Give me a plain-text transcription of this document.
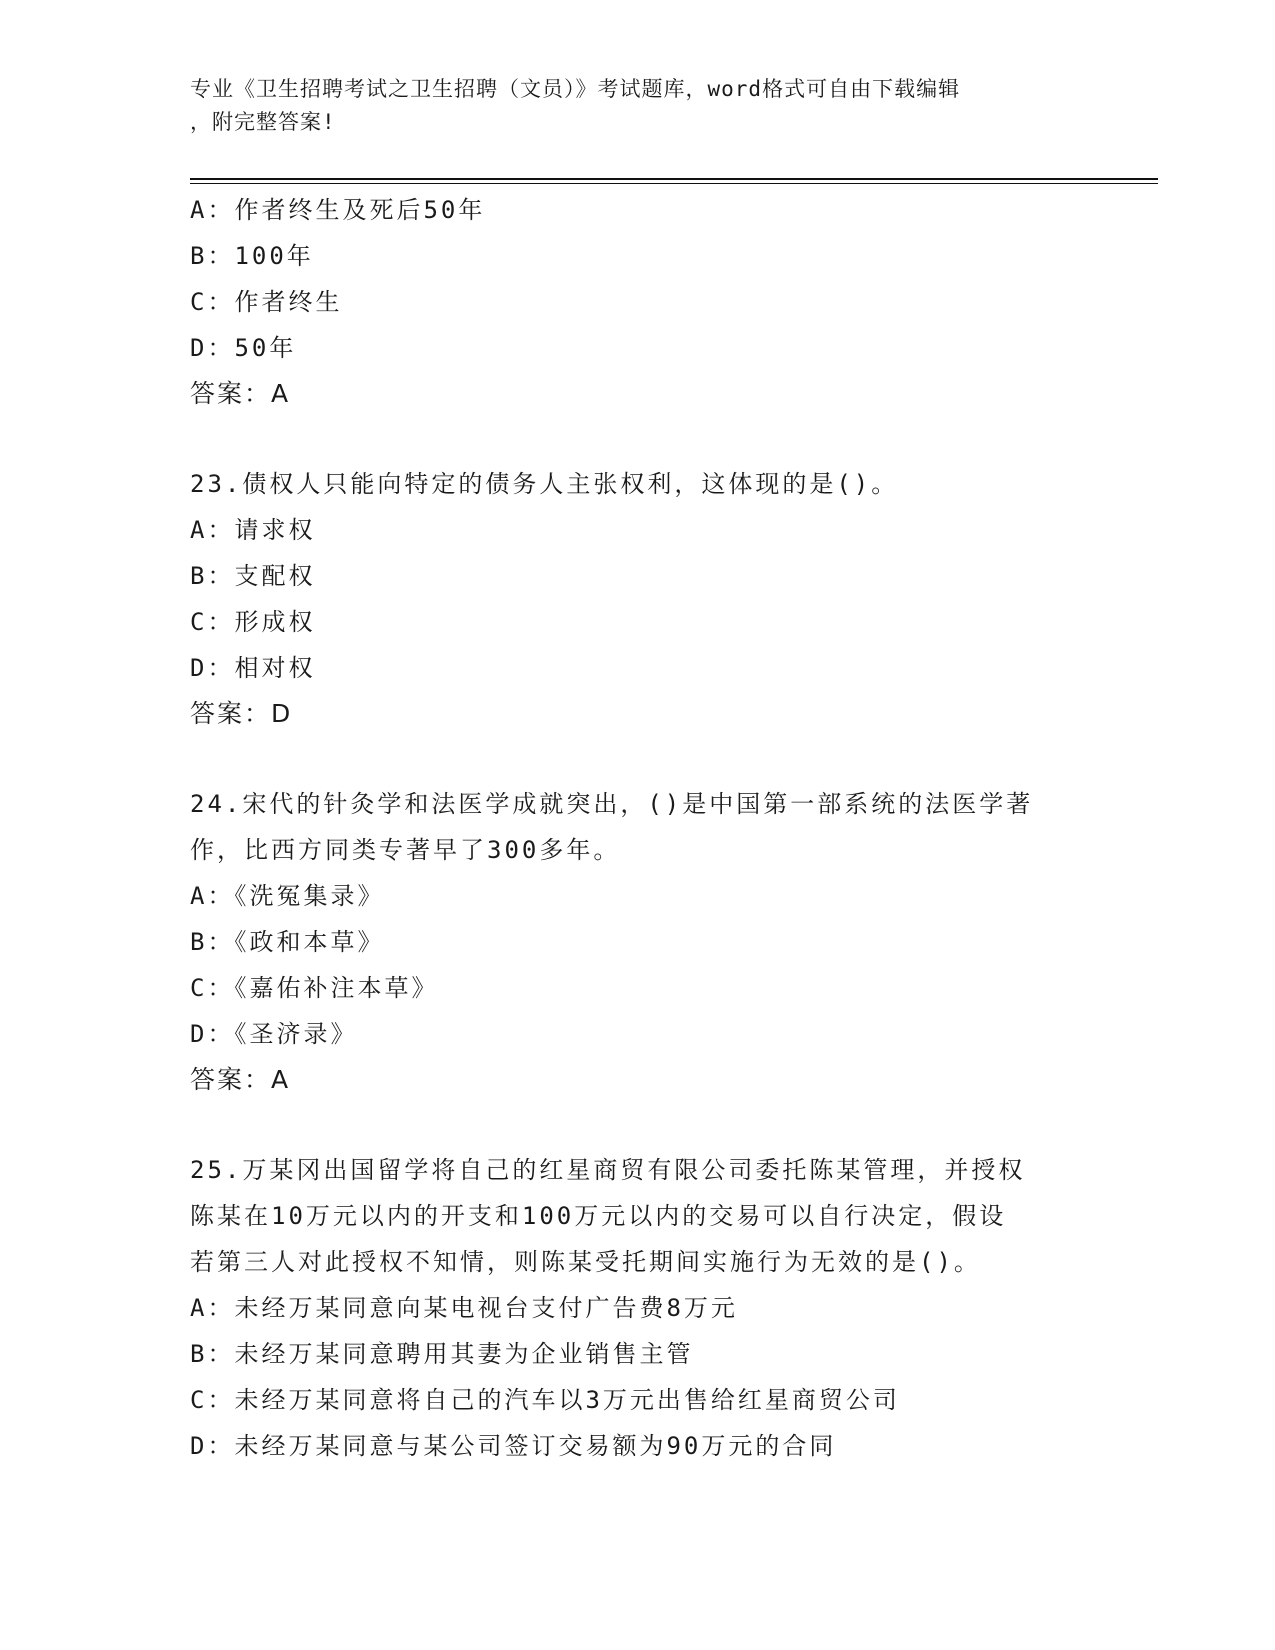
专业《卫生招聘考试之卫生招聘（文员）》考试题库，word格式可自由下载编辑
，附完整答案!
A：作者终生及死后50年
B：100年
C：作者终生
D：50年
答案：A
23.债权人只能向特定的债务人主张权利，这体现的是()。
A：请求权
B：支配权
C：形成权
D：相对权
答案：D
24.宋代的针灸学和法医学成就突出，()是中国第一部系统的法医学著
作，比西方同类专著早了300多年。
A：《洗冤集录》
B：《政和本草》
C：《嘉佑补注本草》
D：《圣济录》
答案：A
25.万某冈出国留学将自己的红星商贸有限公司委托陈某管理，并授权
陈某在10万元以内的开支和100万元以内的交易可以自行决定，假设
若第三人对此授权不知情，则陈某受托期间实施行为无效的是()。
A：未经万某同意向某电视台支付广告费8万元
B：未经万某同意聘用其妻为企业销售主管
C：未经万某同意将自己的汽车以3万元出售给红星商贸公司
D：未经万某同意与某公司签订交易额为90万元的合同
